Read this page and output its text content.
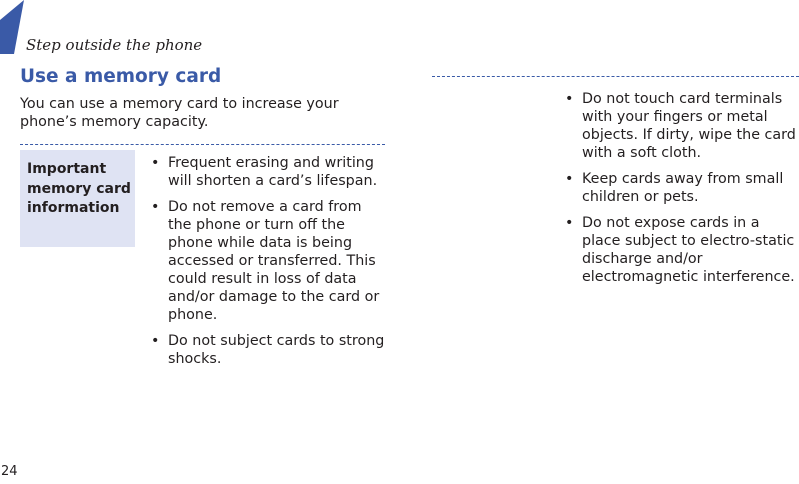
Step outside the phone
Use a memory card
You can use a memory card to increase your phone’s memory capacity.
Important memory card information
• Frequent erasing and writing will shorten a card’s lifespan.
• Do not remove a card from the phone or turn off the phone while data is being accessed or transferred. This could result in loss of data and/or damage to the card or phone.
• Do not subject cards to strong shocks.
• Do not touch card terminals with your fingers or metal objects. If dirty, wipe the card with a soft cloth.
• Keep cards away from small children or pets.
• Do not expose cards in a place subject to electro-static discharge and/or electromagnetic interference.
24
